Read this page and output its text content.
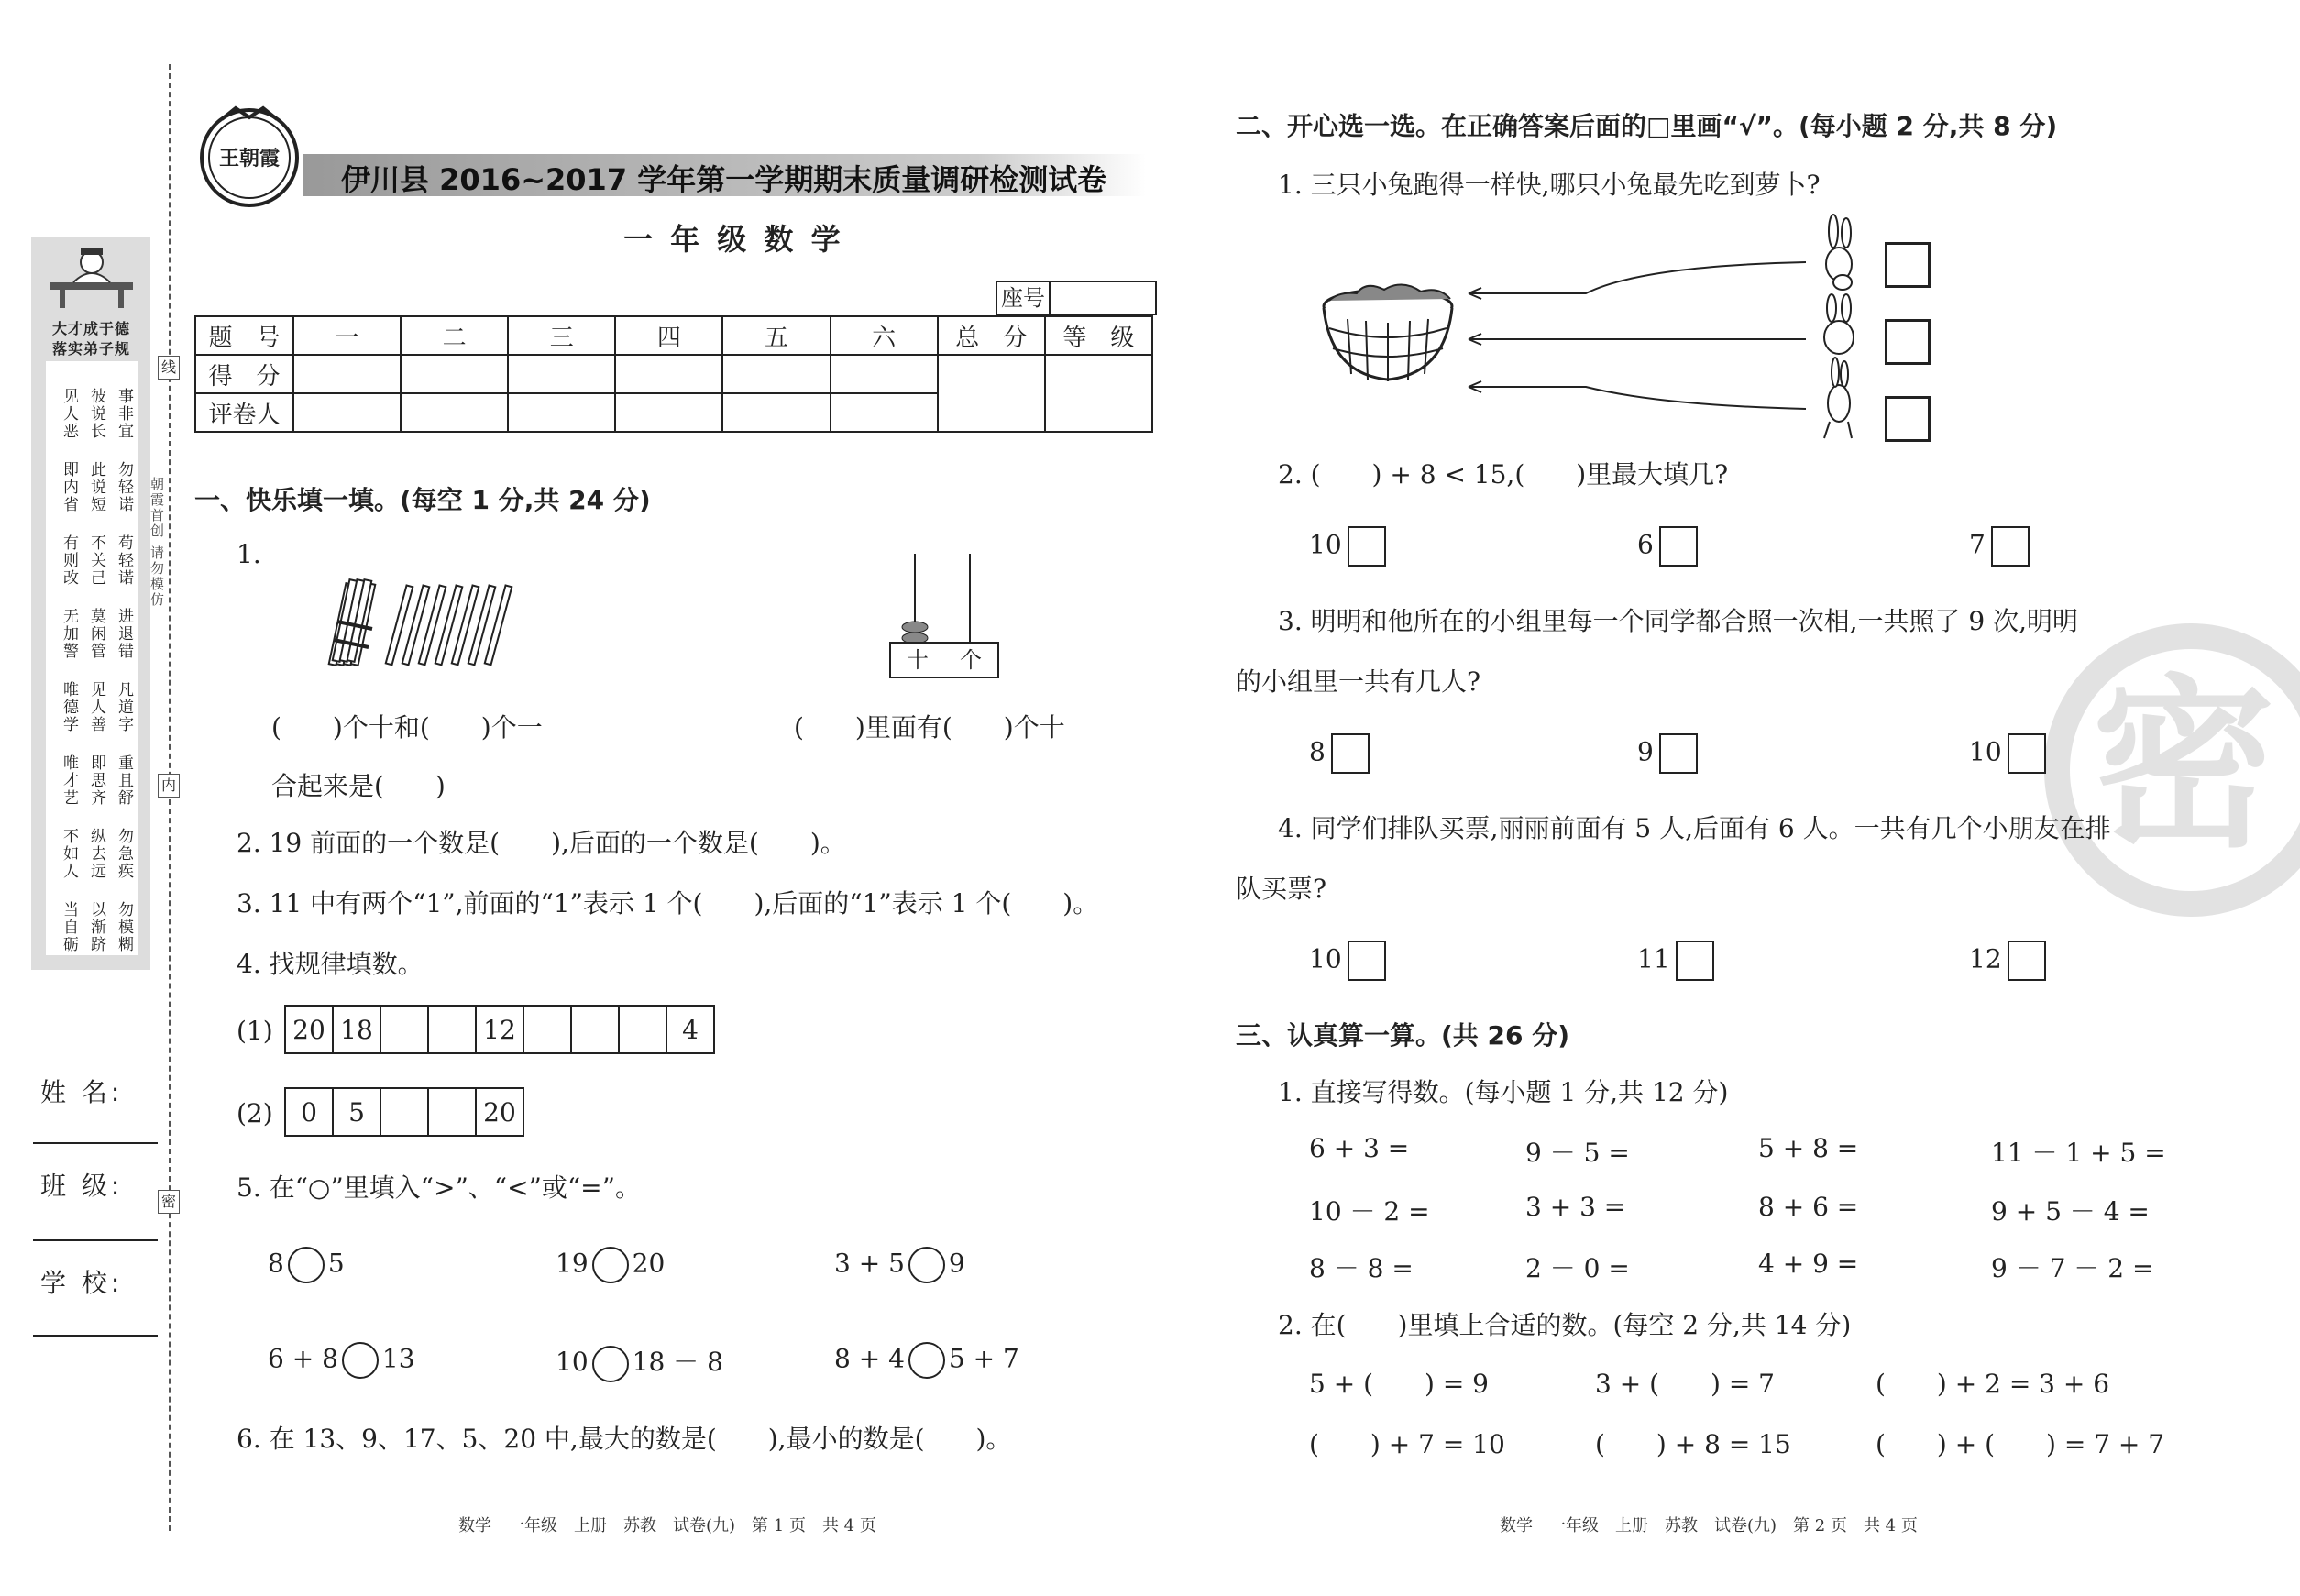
大才成于德
落实弟子规
事非宜
彼说长
见人恶
勿轻诺
此说短
即内省
苟轻诺
不关己
有则改
进退错
莫闲管
无加警
凡道字
见人善
唯德学
重且舒
即思齐
唯才艺
勿急疾
纵去远
不如人
勿模糊
以渐跻
当自砺
姓 名:
班 级:
学 校:
线
内
密
朝霞首创 请勿模仿
王朝霞
伊川县 2016~2017 学年第一学期期末质量调研检测试卷
一 年 级 数 学
座号
题　号	一	二	三	四	五	六	总　分	等　级
得　分								
评卷人								
一、快乐填一填。(每空 1 分,共 24 分)
1.
十	个
(　　)个十和(　　)个一	(　　)里面有(　　)个十
合起来是(　　)
2. 19 前面的一个数是(　　),后面的一个数是(　　)。
3. 11 中有两个“1”,前面的“1”表示 1 个(　　),后面的“1”表示 1 个(　　)。
4. 找规律填数。
(1) 20	18			12				4
(2) 0	5			20
5. 在“○”里填入“>”、“<”或“=”。
8 5	19 20	3 + 5 9
6 + 8 13	10 18 － 8	8 + 4 5 + 7
6. 在 13、9、17、5、20 中,最大的数是(　　),最小的数是(　　)。
数学　一年级　上册　苏教　试卷(九)　第 1 页　共 4 页
密
二、开心选一选。在正确答案后面的□里画“√”。(每小题 2 分,共 8 分)
1. 三只小兔跑得一样快,哪只小兔最先吃到萝卜?
2. (　　) + 8 < 15,(　　)里最大填几?
10	6	7
3. 明明和他所在的小组里每一个同学都合照一次相,一共照了 9 次,明明
的小组里一共有几人?
8	9	10
4. 同学们排队买票,丽丽前面有 5 人,后面有 6 人。一共有几个小朋友在排
队买票?
10	11	12
三、认真算一算。(共 26 分)
1. 直接写得数。(每小题 1 分,共 12 分)
6 + 3 =	9 － 5 =	5 + 8 =	11 － 1 + 5 =
10 － 2 =	3 + 3 =	8 + 6 =	9 + 5 － 4 =
8 － 8 =	2 － 0 =	4 + 9 =	9 － 7 － 2 =
2. 在(　　)里填上合适的数。(每空 2 分,共 14 分)
5 + (　　) = 9	3 + (　　) = 7	(　　) + 2 = 3 + 6
(　　) + 7 = 10	(　　) + 8 = 15	(　　) + (　　) = 7 + 7
数学　一年级　上册　苏教　试卷(九)　第 2 页　共 4 页
